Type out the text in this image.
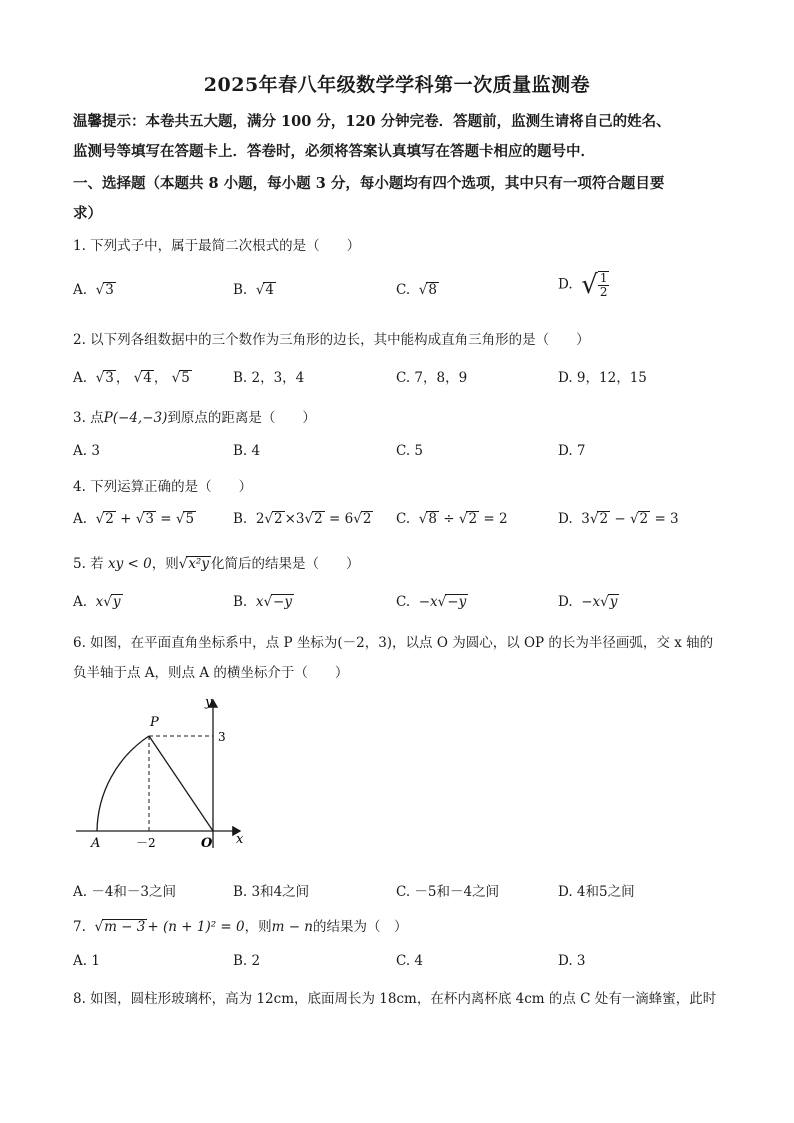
2025年春八年级数学学科第一次质量监测卷
温馨提示：本卷共五大题，满分 100 分，120 分钟完卷．答题前，监测生请将自己的姓名、
监测号等填写在答题卡上．答卷时，必须将答案认真填写在答题卡相应的题号中．
一、选择题（本题共 8 小题，每小题 3 分，每小题均有四个选项，其中只有一项符合题目要
求）
1. 下列式子中，属于最简二次根式的是（　　）
A. √3	B. √4	C. √8	D. √ $\frac{1}{2}$
2. 以下列各组数据中的三个数作为三角形的边长，其中能构成直角三角形的是（　　）
A. √3 ， √4 ， √5	B. 2，3，4	C. 7，8，9	D. 9，12，15
3. 点P(−4,−3)到原点的距离是（　　）
A. 3	B. 4	C. 5	D. 7
4. 下列运算正确的是（　　）
A. √2 + √3 = √5	B. 2√2 ×3√2 = 6√2 C. √8 ÷ √2 = 2	D. 3√2 − √2 = 3
5. 若 xy < 0，则√x²y 化简后的结果是（　　）
A. x√y	B. x√−y	C. −x√−y	D. −x√y
6. 如图，在平面直角坐标系中，点 P 坐标为(－2，3)，以点 O 为圆心，以 OP 的长为半径画弧，交 x 轴的
负半轴于点 A，则点 A 的横坐标介于（　　）
y
x
P
A	O
3
－2
A. －4和－3之间	B. 3和4之间	C. －5和－4之间	D. 4和5之间
7. √m − 3 + (n + 1)² = 0，则m − n的结果为（　）
A. 1	B. 2	C. 4	D. 3
8. 如图，圆柱形玻璃杯，高为 12cm，底面周长为 18cm，在杯内离杯底 4cm 的点 C 处有一滴蜂蜜，此时
